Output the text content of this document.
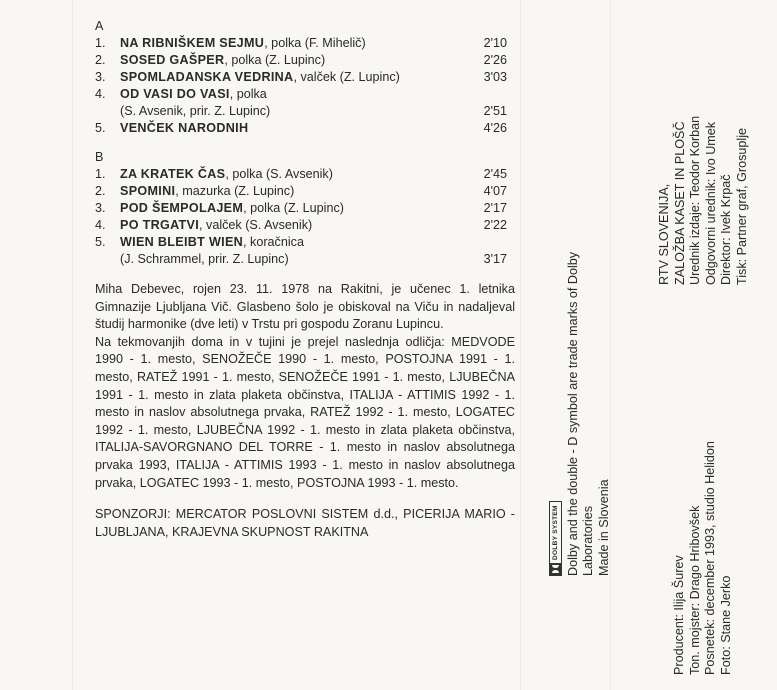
A
1.	NA RIBNIŠKEM SEJMU, polka (F. Mihelič)	2'10
2.	SOSED GAŠPER, polka (Z. Lupinc)	2'26
3.	SPOMLADANSKA VEDRINA, valček (Z. Lupinc)	3'03
4.	OD VASI DO VASI, polka
(S. Avsenik, prir. Z. Lupinc)	2'51
5.	VENČEK NARODNIH	4'26
B
1.	ZA KRATEK ČAS, polka (S. Avsenik)	2'45
2.	SPOMINI, mazurka (Z. Lupinc)	4'07
3.	POD ŠEMPOLAJEM, polka (Z. Lupinc)	2'17
4.	PO TRGATVI, valček (S. Avsenik)	2'22
5.	WIEN BLEIBT WIEN, koračnica
(J. Schrammel, prir. Z. Lupinc)	3'17

Miha Debevec, rojen 23. 11. 1978 na Rakitni, je učenec 1. letnika Gimnazije Ljubljana Vič. Glasbeno šolo je obiskoval na Viču in nadaljeval študij harmonike (dve leti) v Trstu pri gospodu Zoranu Lupincu.

Na tekmovanjih doma in v tujini je prejel naslednja odličja: MEDVODE 1990 - 1. mesto, SENOŽEČE 1990 - 1. mesto, POSTOJNA 1991 - 1. mesto, RATEŽ 1991 - 1. mesto, SENOŽEČE 1991 - 1. mesto, LJUBEČNA 1991 - 1. mesto in zlata plaketa občinstva, ITALIJA - ATTIMIS 1992 - 1. mesto in naslov absolutnega prvaka, RATEŽ 1992 - 1. mesto, LOGATEC 1992 - 1. mesto, LJUBEČNA 1992 - 1. mesto in zlata plaketa občinstva, ITALIJA-SAVORGNANO DEL TORRE - 1. mesto in naslov absolutnega prvaka 1993, ITALIJA - ATTIMIS 1993 - 1. mesto in naslov absolutnega prvaka, LOGATEC 1993 - 1. mesto, POSTOJNA 1993 - 1. mesto.

SPONZORJI: MERCATOR POSLOVNI SISTEM d.d., PICERIJA MARIO - LJUBLJANA, KRAJEVNA SKUPNOST RAKITNA	DOLBY SYSTEM Dolby and the double - D symbol are trade marks of Dolby Laboratories Made in Slovenia
Producent: Ilija Šurev Ton. mojster: Drago Hribovšek Posnetek: december 1993, studio Helidon Foto: Stane Jerko
RTV SLOVENIJA, ZALOŽBA KASET IN PLOŠČ Urednik izdaje: Teodor Korban Odgovorni urednik: Ivo Umek Direktor: Ivek Krpač Tisk: Partner graf, Grosuplje
